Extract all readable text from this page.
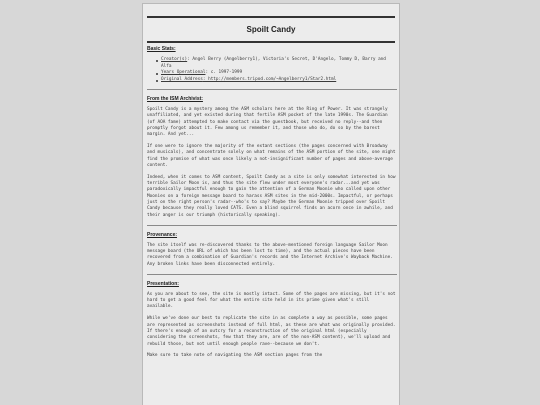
Spoilt Candy
Basic Stats:
Creator(s): Angel Berry (Angelberry1), Victoria's Secret, D'Angelo, Tommy D, Barry and Alfa
Years Operational: c. 1997-1999
Original Address: http://members.tripod.com/~Angelberry1/Star2.html
From the ISM Archivist:

Spoilt Candy is a mystery among the ASM scholars here at the Ring of Power. It was strangely unaffiliated, and yet existed during that fertile ASM pocket of the late 1990s. The Guardian (of AOA fame) attempted to make contact via the guestbook, but received no reply--and then promptly forgot about it. Few among us remember it, and those who do, do so by the barest margin. And yet...

If one were to ignore the majority of the extant sections (the pages concerned with Broadway and musicals), and concentrate solely on what remains of the ASM portion of the site, one might find the promise of what was once likely a not-insignificant number of pages and above-average content.

Indeed, when it comes to ASM content, Spoilt Candy as a site is only somewhat interested in how terrible Sailor Moon is, and thus the site flew under most everyone's radar...and yet was paradoxically impactful enough to gain the attention of a German Moonie who called upon other Moonies on a foreign message board to harass ASM sites in the mid-2000s. Impactful, or perhaps just on the right person's radar--who's to say? Maybe the German Moonie tripped over Spoilt Candy because they really loved CATS. Even a blind squirrel finds an acorn once in awhile, and their anger is our triumph (historically speaking).

Provenance:

The site itself was re-discovered thanks to the above-mentioned foreign language Sailor Moon message board (the URL of which has been lost to time), and the actual pieces have been recovered from a combination of Guardian's records and the Internet Archive's Wayback Machine. Any broken links have been disconnected entirely.

Presentation:

As you are about to see, the site is mostly intact. Some of the pages are missing, but it's not hard to get a good feel for what the entire site held in its prime given what's still available.

While we've done our best to replicate the site in as complete a way as possible, some pages are represented as screenshots instead of full html, as these are what was originally provided. If there's enough of an outcry for a reconstruction of the original html (especially considering the screenshots, few that they are, are of the non-ASM content), we'll upload and rebuild those, but not until enough people rave--because we don't.

Make sure to take note of navigating the ASM section pages from the
